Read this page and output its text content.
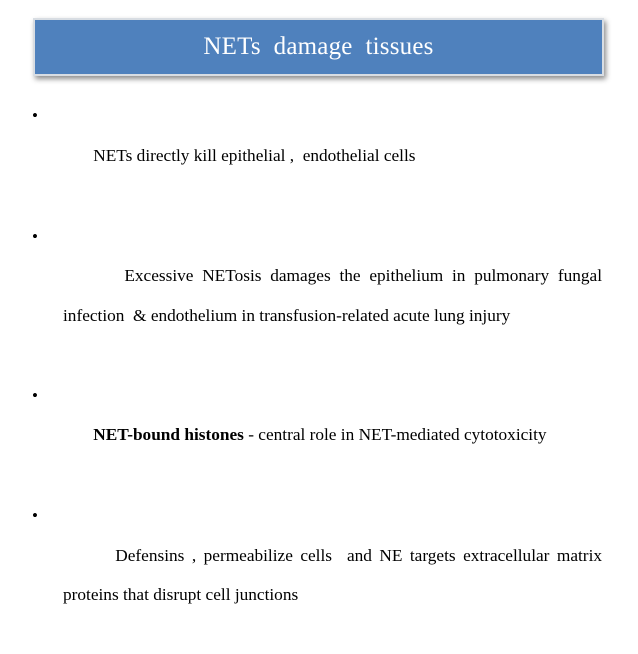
NETs  damage  tissues

•
NETs directly kill epithelial ,  endothelial cells

•
Excessive NETosis damages the epithelium in pulmonary fungal infection  & endothelium in transfusion-related acute lung injury

•
NET-bound histones - central role in NET-mediated cytotoxicity

•
Defensins , permeabilize cells  and NE targets extracellular matrix proteins that disrupt cell junctions
